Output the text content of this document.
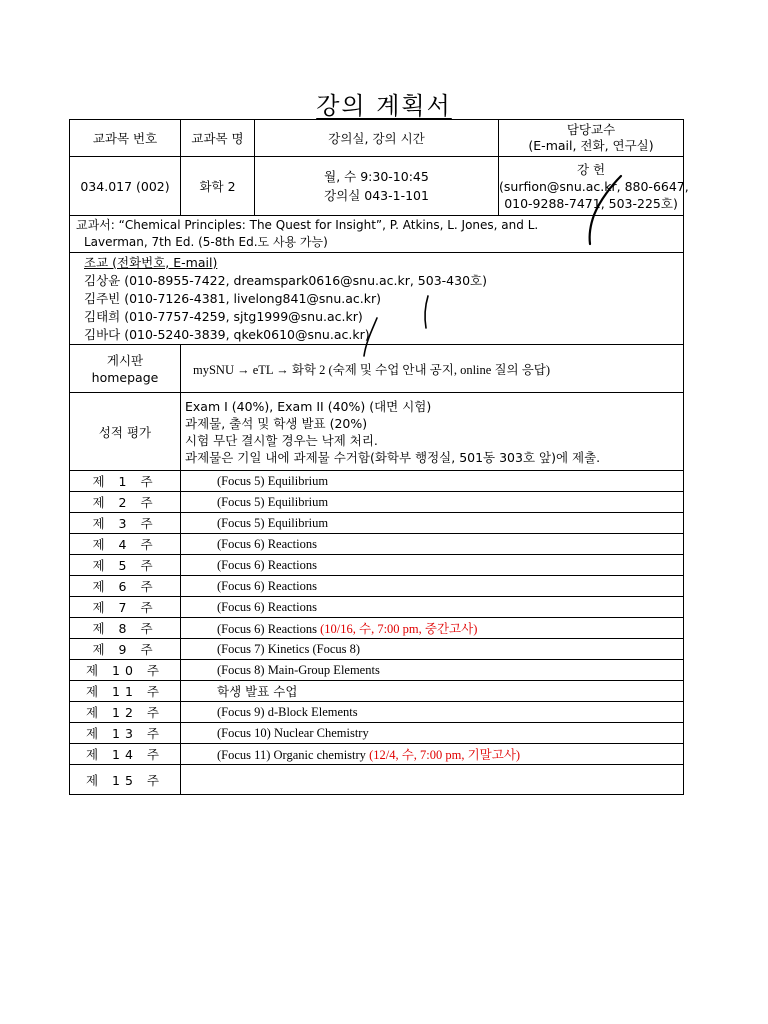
강의 계획서
교과목 번호	교과목 명	강의실, 강의 시간	담당교수
(E-mail, 전화, 연구실)

034.017 (002)	화학 2	월, 수 9:30-10:45
강의실 043-1-101	강 헌
(surfion@snu.ac.kr, 880-6647,
010-9288-7471, 503-225호)

교과서: “Chemical Principles: The Quest for Insight”, P. Atkins, L. Jones, and L.
Laverman, 7th Ed. (5-8th Ed.도 사용 가능)			

조교 (전화번호, E-mail)
김상윤 (010-8955-7422, dreamspark0616@snu.ac.kr, 503-430호)
김주빈 (010-7126-4381, livelong841@snu.ac.kr)
김태희 (010-7757-4259, sjtg1999@snu.ac.kr)
김바다 (010-5240-3839, qkek0610@snu.ac.kr)			

게시판
homepage	mySNU → eTL → 화학 2 (숙제 및 수업 안내 공지, online 질의 응답)		
성적 평가	Exam I (40%), Exam II (40%) (대면 시험)
과제물, 출석 및 학생 발표 (20%)
시험 무단 결시할 경우는 낙제 처리.
과제물은 기일 내에 과제물 수거함(화학부 행정실, 501동 303호 앞)에 제출.		

제 1 주	(Focus 5) Equilibrium		
제 2 주	(Focus 5) Equilibrium		
제 3 주	(Focus 5) Equilibrium		
제 4 주	(Focus 6) Reactions		
제 5 주	(Focus 6) Reactions		
제 6 주	(Focus 6) Reactions		
제 7 주	(Focus 6) Reactions		
제 8 주	(Focus 6) Reactions (10/16, 수, 7:00 pm, 중간고사)		
제 9 주	(Focus 7) Kinetics (Focus 8)		
제 10 주	(Focus 8) Main-Group Elements		
제 11 주	학생 발표 수업		
제 12 주	(Focus 9) d-Block Elements		
제 13 주	(Focus 10) Nuclear Chemistry		
제 14 주	(Focus 11) Organic chemistry (12/4, 수, 7:00 pm, 기말고사)		
제 15 주			
